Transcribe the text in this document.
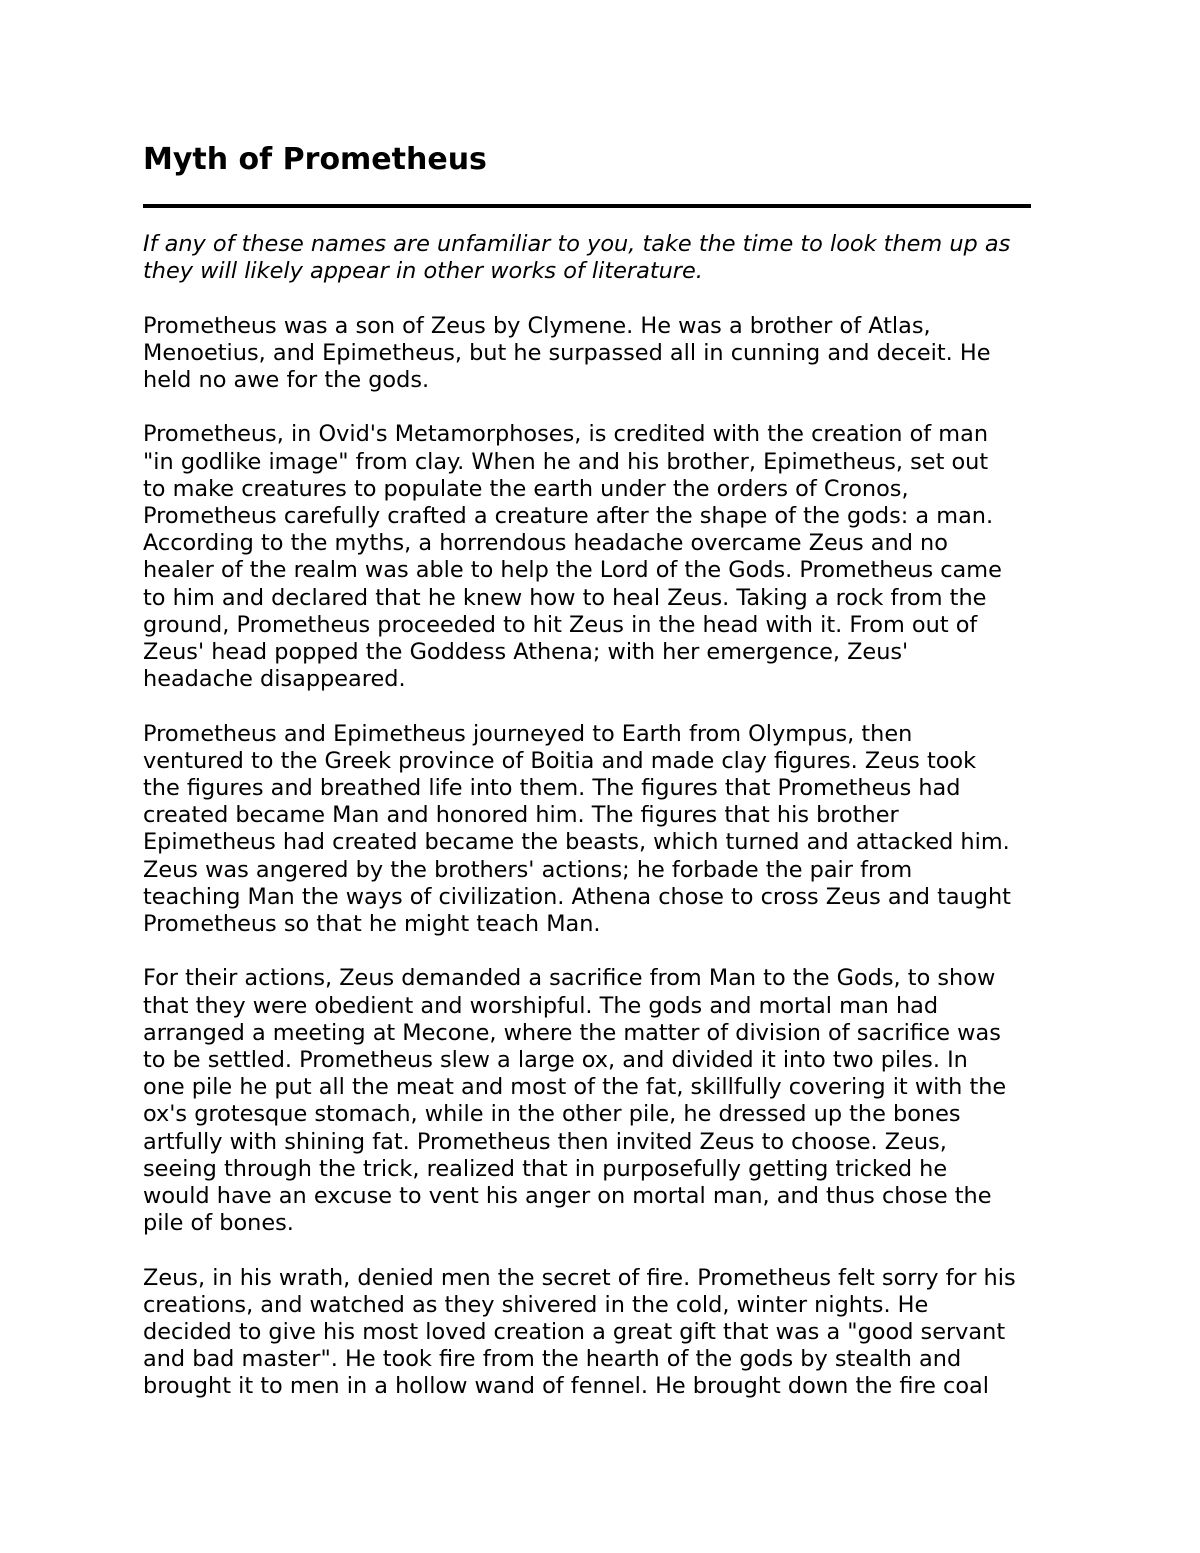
Myth of Prometheus

If any of these names are unfamiliar to you, take the time to look them up as
they will likely appear in other works of literature.

Prometheus was a son of Zeus by Clymene. He was a brother of Atlas,
Menoetius, and Epimetheus, but he surpassed all in cunning and deceit. He
held no awe for the gods.

Prometheus, in Ovid's Metamorphoses, is credited with the creation of man
"in godlike image" from clay. When he and his brother, Epimetheus, set out
to make creatures to populate the earth under the orders of Cronos,
Prometheus carefully crafted a creature after the shape of the gods: a man.
According to the myths, a horrendous headache overcame Zeus and no
healer of the realm was able to help the Lord of the Gods. Prometheus came
to him and declared that he knew how to heal Zeus. Taking a rock from the
ground, Prometheus proceeded to hit Zeus in the head with it. From out of
Zeus' head popped the Goddess Athena; with her emergence, Zeus'
headache disappeared.

Prometheus and Epimetheus journeyed to Earth from Olympus, then
ventured to the Greek province of Boitia and made clay figures. Zeus took
the figures and breathed life into them. The figures that Prometheus had
created became Man and honored him. The figures that his brother
Epimetheus had created became the beasts, which turned and attacked him.
Zeus was angered by the brothers' actions; he forbade the pair from
teaching Man the ways of civilization. Athena chose to cross Zeus and taught
Prometheus so that he might teach Man.

For their actions, Zeus demanded a sacrifice from Man to the Gods, to show
that they were obedient and worshipful. The gods and mortal man had
arranged a meeting at Mecone, where the matter of division of sacrifice was
to be settled. Prometheus slew a large ox, and divided it into two piles. In
one pile he put all the meat and most of the fat, skillfully covering it with the
ox's grotesque stomach, while in the other pile, he dressed up the bones
artfully with shining fat. Prometheus then invited Zeus to choose. Zeus,
seeing through the trick, realized that in purposefully getting tricked he
would have an excuse to vent his anger on mortal man, and thus chose the
pile of bones.

Zeus, in his wrath, denied men the secret of fire. Prometheus felt sorry for his
creations, and watched as they shivered in the cold, winter nights. He
decided to give his most loved creation a great gift that was a "good servant
and bad master". He took fire from the hearth of the gods by stealth and
brought it to men in a hollow wand of fennel. He brought down the fire coal
